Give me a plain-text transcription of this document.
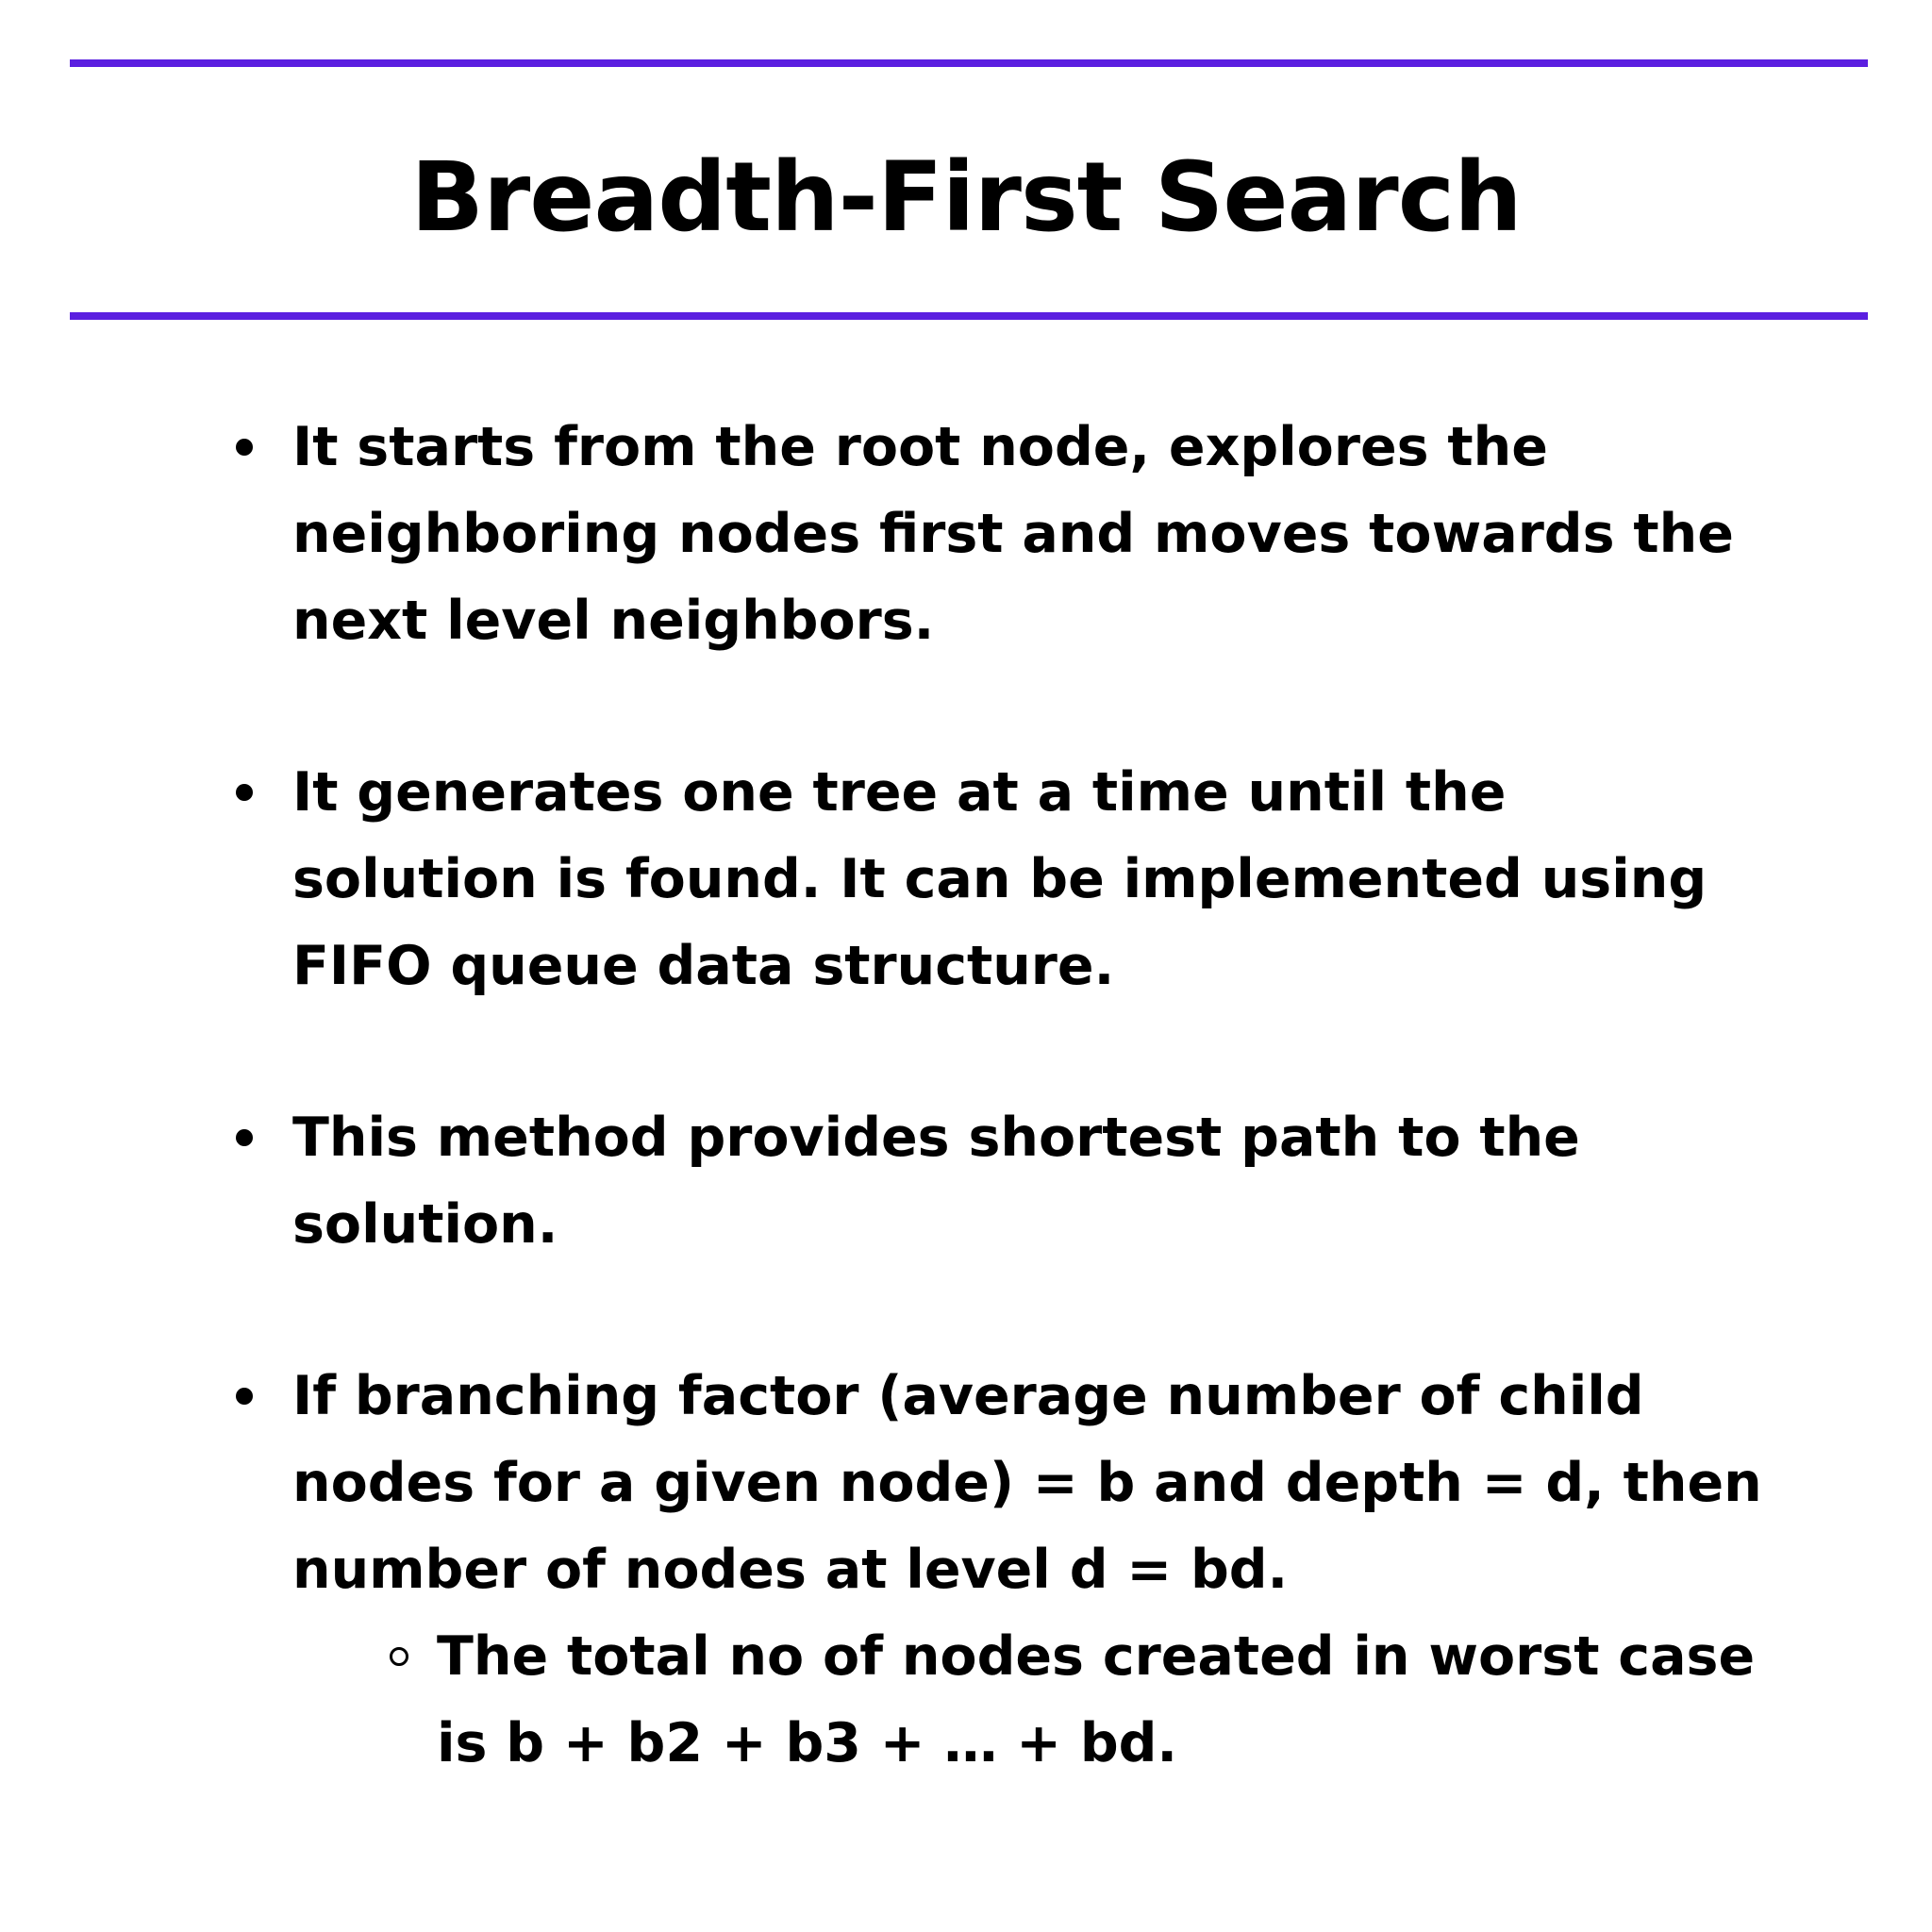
Breadth-First Search
It starts from the root node, explores the neighboring nodes first and moves towards the next level neighbors.
It generates one tree at a time until the solution is found. It can be implemented using FIFO queue data structure.
This method provides shortest path to the solution.
If branching factor (average number of child nodes for a given node) = b and depth = d, then number of nodes at level d = bd.
The total no of nodes created in worst case is b + b2 + b3 + … + bd.
